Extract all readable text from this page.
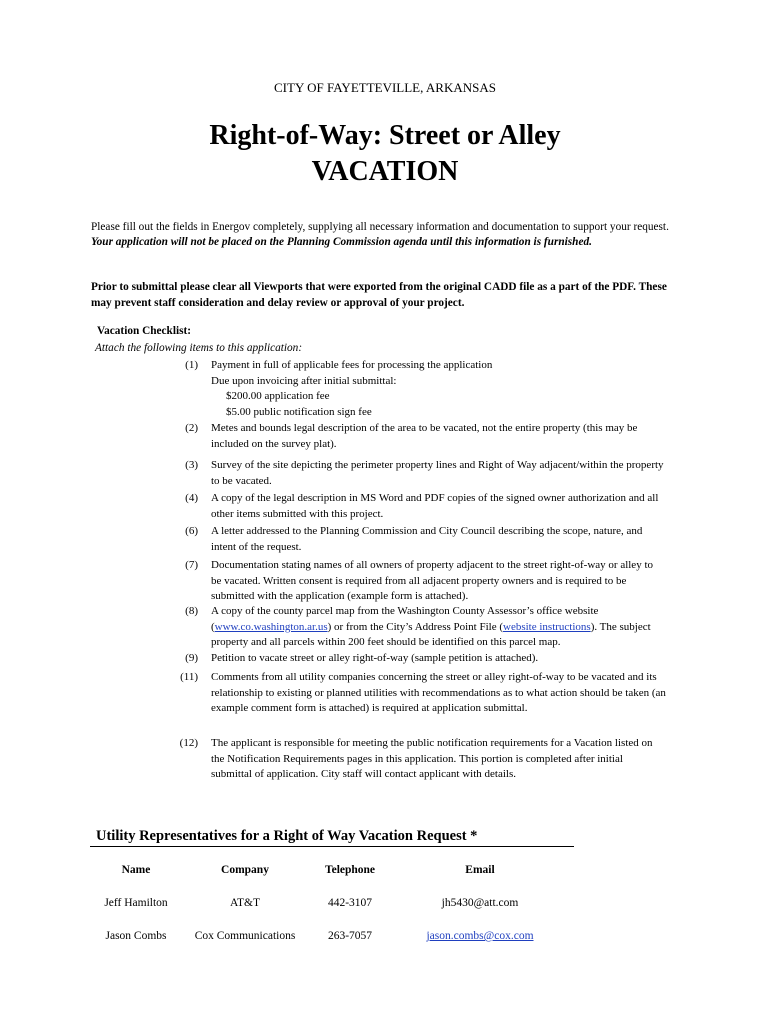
CITY OF FAYETTEVILLE, ARKANSAS
Right-of-Way: Street or Alley
VACATION
Please fill out the fields in Energov completely, supplying all necessary information and documentation to support your request. Your application will not be placed on the Planning Commission agenda until this information is furnished.
Prior to submittal please clear all Viewports that were exported from the original CADD file as a part of the PDF. These may prevent staff consideration and delay review or approval of your project.
Vacation Checklist:
Attach the following items to this application:
(1) Payment in full of applicable fees for processing the application
Due upon invoicing after initial submittal:
$200.00 application fee
$5.00 public notification sign fee
(2) Metes and bounds legal description of the area to be vacated, not the entire property (this may be included on the survey plat).
(3) Survey of the site depicting the perimeter property lines and Right of Way adjacent/within the property to be vacated.
(4) A copy of the legal description in MS Word and PDF copies of the signed owner authorization and all other items submitted with this project.
(6) A letter addressed to the Planning Commission and City Council describing the scope, nature, and intent of the request.
(7) Documentation stating names of all owners of property adjacent to the street right-of-way or alley to be vacated. Written consent is required from all adjacent property owners and is required to be submitted with the application (example form is attached).
(8) A copy of the county parcel map from the Washington County Assessor’s office website (www.co.washington.ar.us) or from the City’s Address Point File (website instructions). The subject property and all parcels within 200 feet should be identified on this parcel map.
(9) Petition to vacate street or alley right-of-way (sample petition is attached).
(11) Comments from all utility companies concerning the street or alley right-of-way to be vacated and its relationship to existing or planned utilities with recommendations as to what action should be taken (an example comment form is attached) is required at application submittal.
(12) The applicant is responsible for meeting the public notification requirements for a Vacation listed on the Notification Requirements pages in this application. This portion is completed after initial submittal of application. City staff will contact applicant with details.
Utility Representatives for a Right of Way Vacation Request *
Name	Company	Telephone	Email
Jeff Hamilton	AT&T	442-3107	jh5430@att.com
Jason Combs	Cox Communications	263-7057	jason.combs@cox.com
